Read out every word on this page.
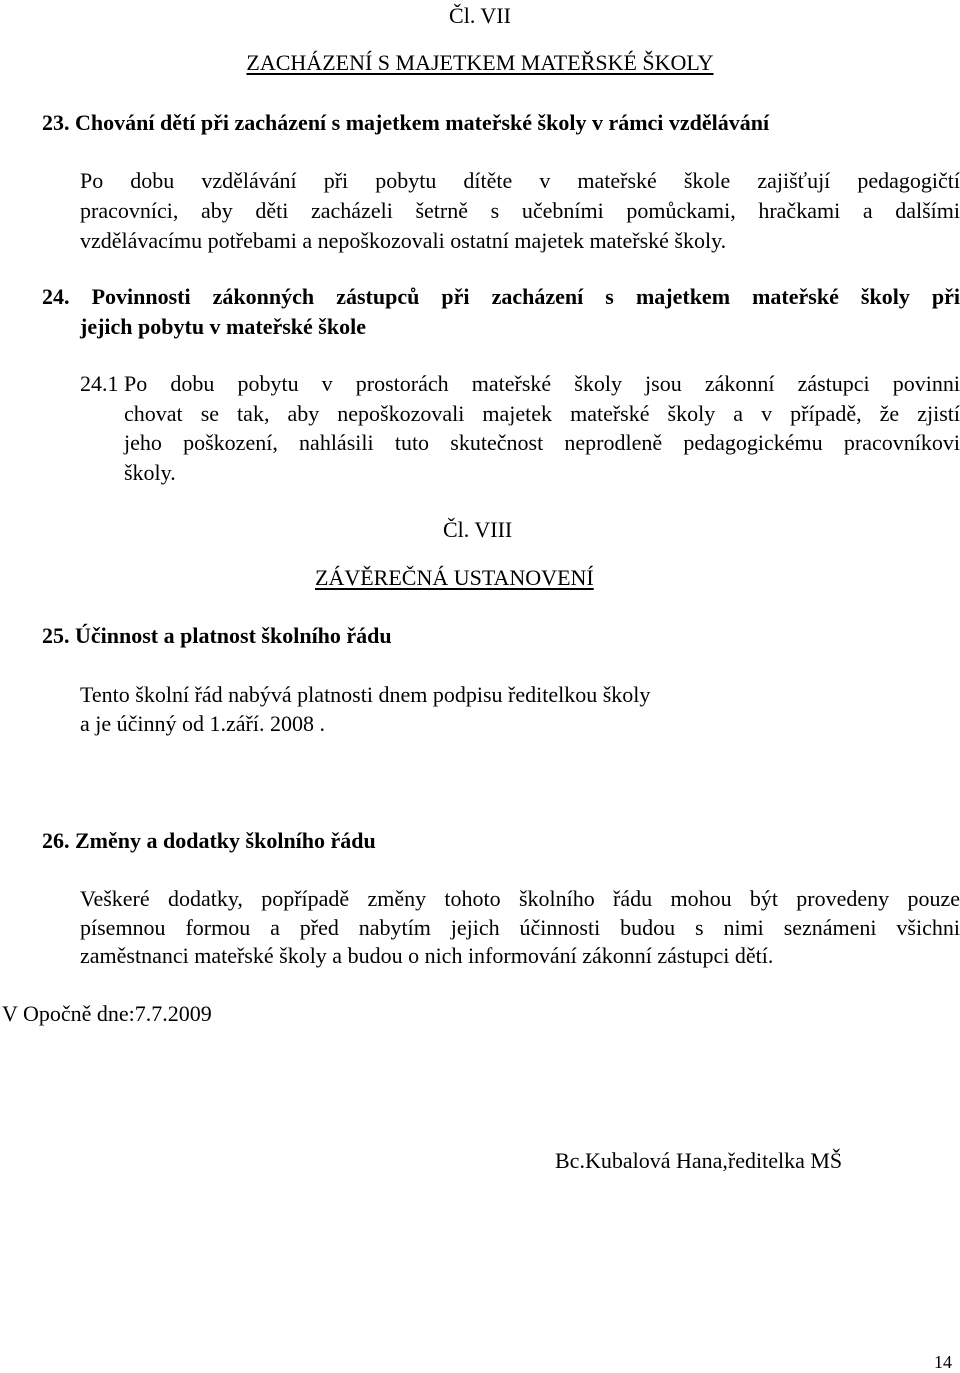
Čl. VII
ZACHÁZENÍ S MAJETKEM MATEŘSKÉ ŠKOLY
23. Chování dětí při zacházení s majetkem mateřské školy v rámci vzdělávání
Po dobu vzdělávání při pobytu dítěte v mateřské škole zajišťují pedagogičtí
pracovníci, aby děti zacházeli šetrně s učebními pomůckami, hračkami a dalšími
vzdělávacímu potřebami a nepoškozovali ostatní majetek mateřské školy.
24. Povinnosti zákonných zástupců při zacházení s majetkem mateřské školy při
jejich pobytu v mateřské škole
24.1 Po dobu pobytu v prostorách mateřské školy jsou zákonní zástupci povinni
chovat se tak, aby nepoškozovali majetek mateřské školy a v případě, že zjistí
jeho poškození, nahlásili tuto skutečnost neprodleně pedagogickému pracovníkovi
školy.
Čl. VIII
ZÁVĚREČNÁ USTANOVENÍ
25. Účinnost a platnost školního řádu
Tento školní řád nabývá platnosti dnem podpisu ředitelkou školy
a je účinný od 1.září. 2008 .
26. Změny a dodatky školního řádu
Veškeré dodatky, popřípadě změny tohoto školního řádu mohou být provedeny pouze
písemnou formou a před nabytím jejich účinnosti budou s nimi seznámeni všichni
zaměstnanci mateřské školy a budou o nich informování zákonní zástupci dětí.
V Opočně dne:7.7.2009
Bc.Kubalová Hana,ředitelka MŠ
14
